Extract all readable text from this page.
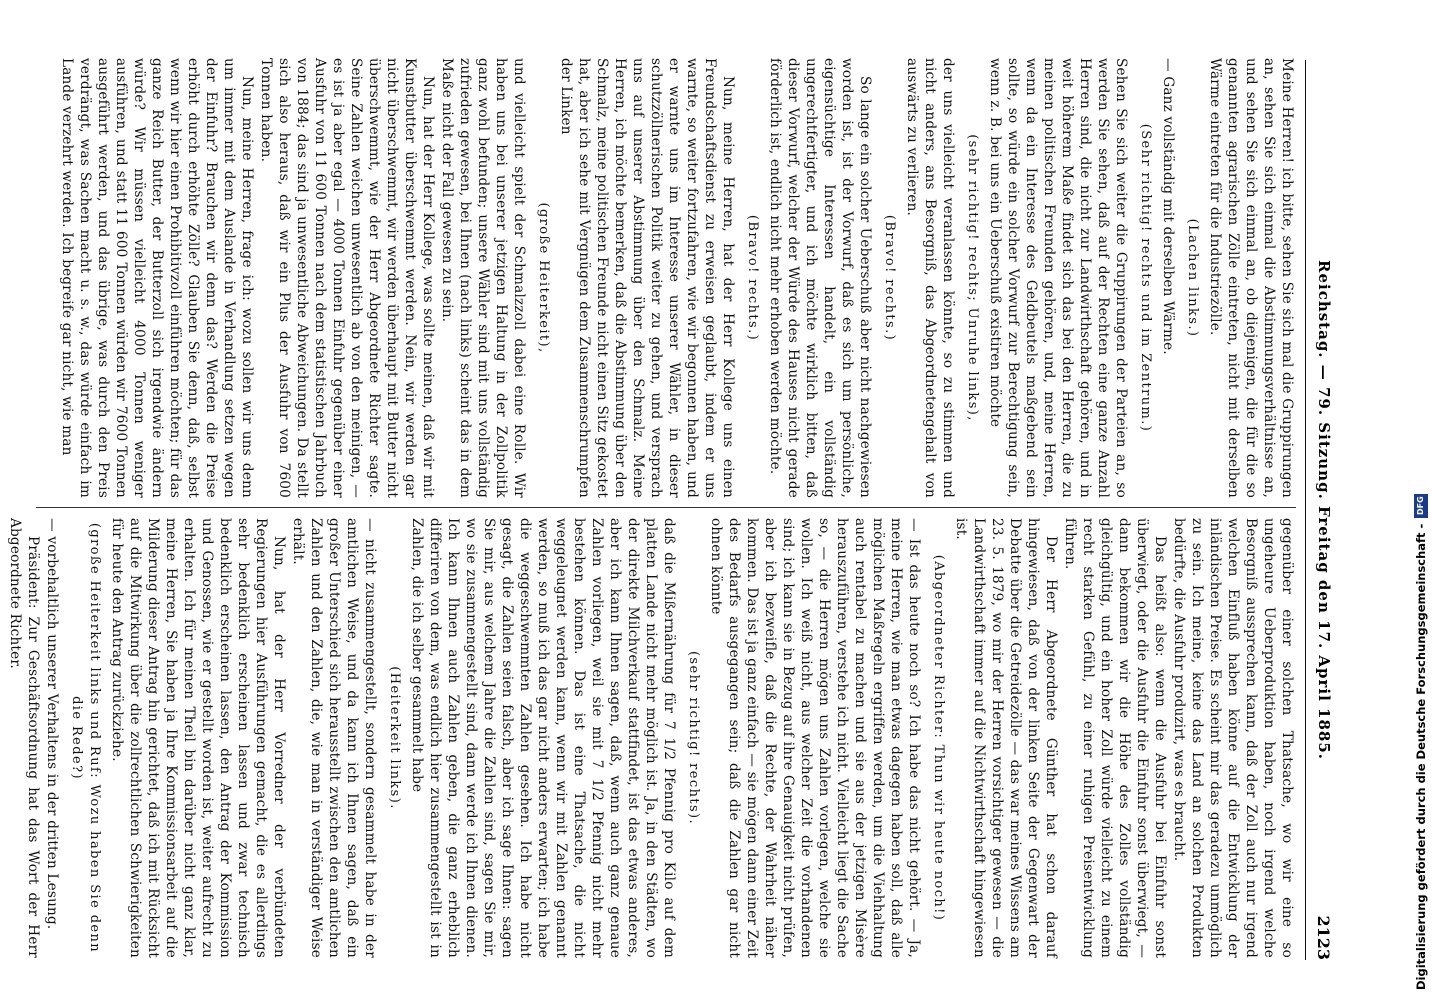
Reichstag. — 79. Sitzung. Freitag den 17. April 1885.
2123
Meine Herren! ich bitte, sehen Sie sich mal die Gruppirungen an, sehen Sie sich einmal die Abstimmungsverhältnisse an, und sehen Sie sich einmal an, ob diejenigen, die für die so genannten agrarischen Zölle eintreten, nicht mit derselben Wärme eintreten für die Industriezölle.
(Lachen links.)
— Ganz vollständig mit derselben Wärme.
(Sehr richtig! rechts und im Zentrum.)
Sehen Sie sich weiter die Gruppirungen der Parteien an, so werden Sie sehen, daß auf der Rechten eine ganze Anzahl Herren sind, die nicht zur Landwirthschaft gehören, und in weit höherem Maße findet sich das bei den Herren, die zu meinen politischen Freunden gehören, und, meine Herren, wenn da ein Interesse des Geldbeutels maßgebend sein sollte, so würde ein solcher Vorwurf zur Berechtigung sein, wenn z. B. bei uns ein Ueberschuß existiren möchte
(sehr richtig! rechts; Unruhe links),
der uns vielleicht veranlassen könnte, so zu stimmen und nicht anders, ans Besorgniß, das Abgeordnetengehalt von auswärts zu verlieren.
(Bravo! rechts.)
So lange ein solcher Ueberschuß aber nicht nachgewiesen worden ist, ist der Vorwurf, daß es sich um persönliche, eigensüchtige Interessen handelt, ein vollständig ungerechtfertigter, und ich möchte wirklich bitten, daß dieser Vorwurf, welcher der Würde des Hauses nicht gerade förderlich ist, endlich nicht mehr erhoben werden möchte.
(Bravo! rechts.)
Nun, meine Herren, hat der Herr Kollege uns einen Freundschaftsdienst zu erweisen geglaubt, indem er uns warnte, so weiter fortzufahren, wie wir begonnen haben, und er warnte uns im Interesse unserer Wähler, in dieser schutzzöllnerischen Politik weiter zu gehen, und versprach uns auf unserer Abstimmung über den Schmalz. Meine Herren, ich möchte bemerken, daß die Abstimmung über den Schmalz, meine politischen Freunde nicht einen Sitz gekostet hat, aber ich sehe mit Vergnügen dem Zusammenschrumpfen der Linken
(große Heiterkeit),
und vielleicht spielt der Schmalzzoll dabei eine Rolle. Wir haben uns bei unserer jetzigen Haltung in der Zollpolitik ganz wohl befunden; unsere Wähler sind mit uns vollständig zufrieden gewesen, bei Ihnen (nach links) scheint das in dem Maße nicht der Fall gewesen zu sein.
Nun, hat der Herr Kollege, was sollte meinen, daß wir mit Kunstbutter überschwemmt werden. Nein, wir werden gar nicht überschwemmt, wir werden überhaupt mit Butter nicht überschwemmt, wie der Herr Abgeordnete Richter sagte. Seine Zahlen weichen unwesentlich ab von den meinigen, — es ist ja aber egal — 4000 Tonnen Einfuhr gegenüber einer Ausfuhr von 11 600 Tonnen nach dem statistischen Jahrbuch von 1884; das sind ja unwesentliche Abweichungen. Da stellt sich also heraus, daß wir ein Plus der Ausfuhr von 7600 Tonnen haben.
Nun, meine Herren, frage ich: wozu sollen wir uns denn um immer mit dem Auslande in Verhandlung setzen wegen der Einfuhr? Brauchen wir denn das? Werden die Preise erhöht durch erhöhte Zölle? Glauben Sie denn, daß, selbst wenn wir hier einen Prohibitivzoll einführen möchten; für das ganze Reich Butter, der Butterzoll sich irgendwie ändern würde? Wir müssen vielleicht 4000 Tonnen weniger ausführen, und statt 11 600 Tonnen würden wir 7600 Tonnen ausgeführt werden, und das übrige, was durch den Preis verdrängt, was Sachen macht u. s. w., das würde einfach im Lande verzehrt werden. Ich begreife gar nicht, wie man
gegenüber einer solchen Thatsache, wo wir eine so ungeheure Ueberproduktion haben, noch irgend welche Besorgniß aussprechen kann, daß der Zoll auch nur irgend welchen Einfluß haben könne auf die Entwicklung der inländischen Preise. Es scheint mir das geradezu unmöglich zu sein. Ich meine, keine das Land an solchen Produkten bedürfte, die Ausfuhr produzirt, was es braucht.
Das heißt also: wenn die Ausfuhr bei Einfuhr sonst überwiegt, oder die Ausfuhr die Einfuhr sonst überwiegt, — dann bekommen wir die Höhe des Zolles vollständig gleichgültig, und ein hoher Zoll würde vielleicht zu einem recht starken Gefühl, zu einer ruhigen Preisentwicklung führen.
Der Herr Abgeordnete Günther hat schon darauf hingewiesen, daß von der linken Seite der Gegenwart der Debatte über die Getreidezölle — das war meines Wissens am 23. 5. 1879, wo mir der Herren vorsichtiger gewesen — die Landwirthschaft immer auf die Nichtwirthschaft hingewiesen ist.
(Abgeordneter Richter: Thun wir heute noch!)
— Ist das heute noch so? Ich habe das nicht gehört. — Ja, meine Herren, wie man etwas dagegen haben soll, daß alle möglichen Maßregeln ergriffen werden, um die Viehhaltung auch rentabel zu machen und sie aus der jetzigen Misère herauszuführen, verstehe ich nicht. Vielleicht liegt die Sache so, — die Herren mögen uns Zahlen vorlegen, welche sie wollen. Ich weiß nicht, aus welcher Zeit die vorhandenen sind; ich kann sie in Bezug auf ihre Genauigkeit nicht prüfen, aber ich bezweifle, daß die Rechte, der Wahrheit näher kommen. Das ist ja ganz einfach — sie mögen dann einer Zeit des Bedarfs ausgegangen sein; daß die Zahlen gar nicht ohnen könnte
(sehr richtig! rechts).
daß die Mißernährung für 7 1/2 Pfennig pro Kilo auf dem platten Lande nicht mehr möglich ist. Ja, in den Städten, wo der direkte Milchverkauf stattfindet, ist das etwas anderes, aber ich kann Ihnen sagen, daß, wenn auch ganz genaue Zahlen vorliegen, weil sie mit 7 1/2 Pfennig nicht mehr bestehen können. Das ist eine Thatsache, die nicht weggeleugnet werden kann, wenn wir mit Zahlen genannt werden, so muß ich das gar nicht anders erwarten; ich habe die weggeschwemmten Zahlen gesehen. Ich habe nicht gesagt, die Zahlen seien falsch, aber ich sage Ihnen: sagen Sie mir, aus welchem Jahre die Zahlen sind, sagen Sie mir, wo sie zusammengestellt sind, dann werde ich Ihnen dienen. Ich kann Ihnen auch Zahlen geben, die ganz erheblich differiren von dem, was endlich hier zusammengestellt ist in Zahlen, die ich selber gesammelt habe
(Heiterkeit links).
— nicht zusammengestellt, sondern gesammelt habe in der amtlichen Weise, und da kann ich Ihnen sagen, daß ein großer Unterschied sich herausstellt zwischen den amtlichen Zahlen und den Zahlen, die, wie man in verständiger Weise erhält.
Nun, hat der Herr Vorredner der verbündeten Regierungen hier Ausführungen gemacht, die es allerdings sehr bedenklich erscheinen lassen und zwar technisch bedenklich erscheinen lassen, den Antrag der Kommission und Genossen, wie er gestellt worden ist, weiter aufrecht zu erhalten. Ich für meinen Theil bin darüber nicht ganz klar, meine Herren, Sie haben ja Ihre Kommissionsarbeit auf die Milderung dieser Antrag hin gerichtet, daß ich mit Rücksicht auf die Mitwirkung über die zollrechtlichen Schwierigkeiten für heute den Antrag zurückziehe.
(große Heiterkeit links und Ruf: Wozu haben Sie denn die Rede?)
— vorbehaltlich unserer Verhaltens in der dritten Lesung.
Präsident: Zur Geschäftsordnung hat das Wort der Herr Abgeordnete Richter.	Digitalisierung gefördert durch die Deutsche Forschungsgemeinschaft -
DFG
